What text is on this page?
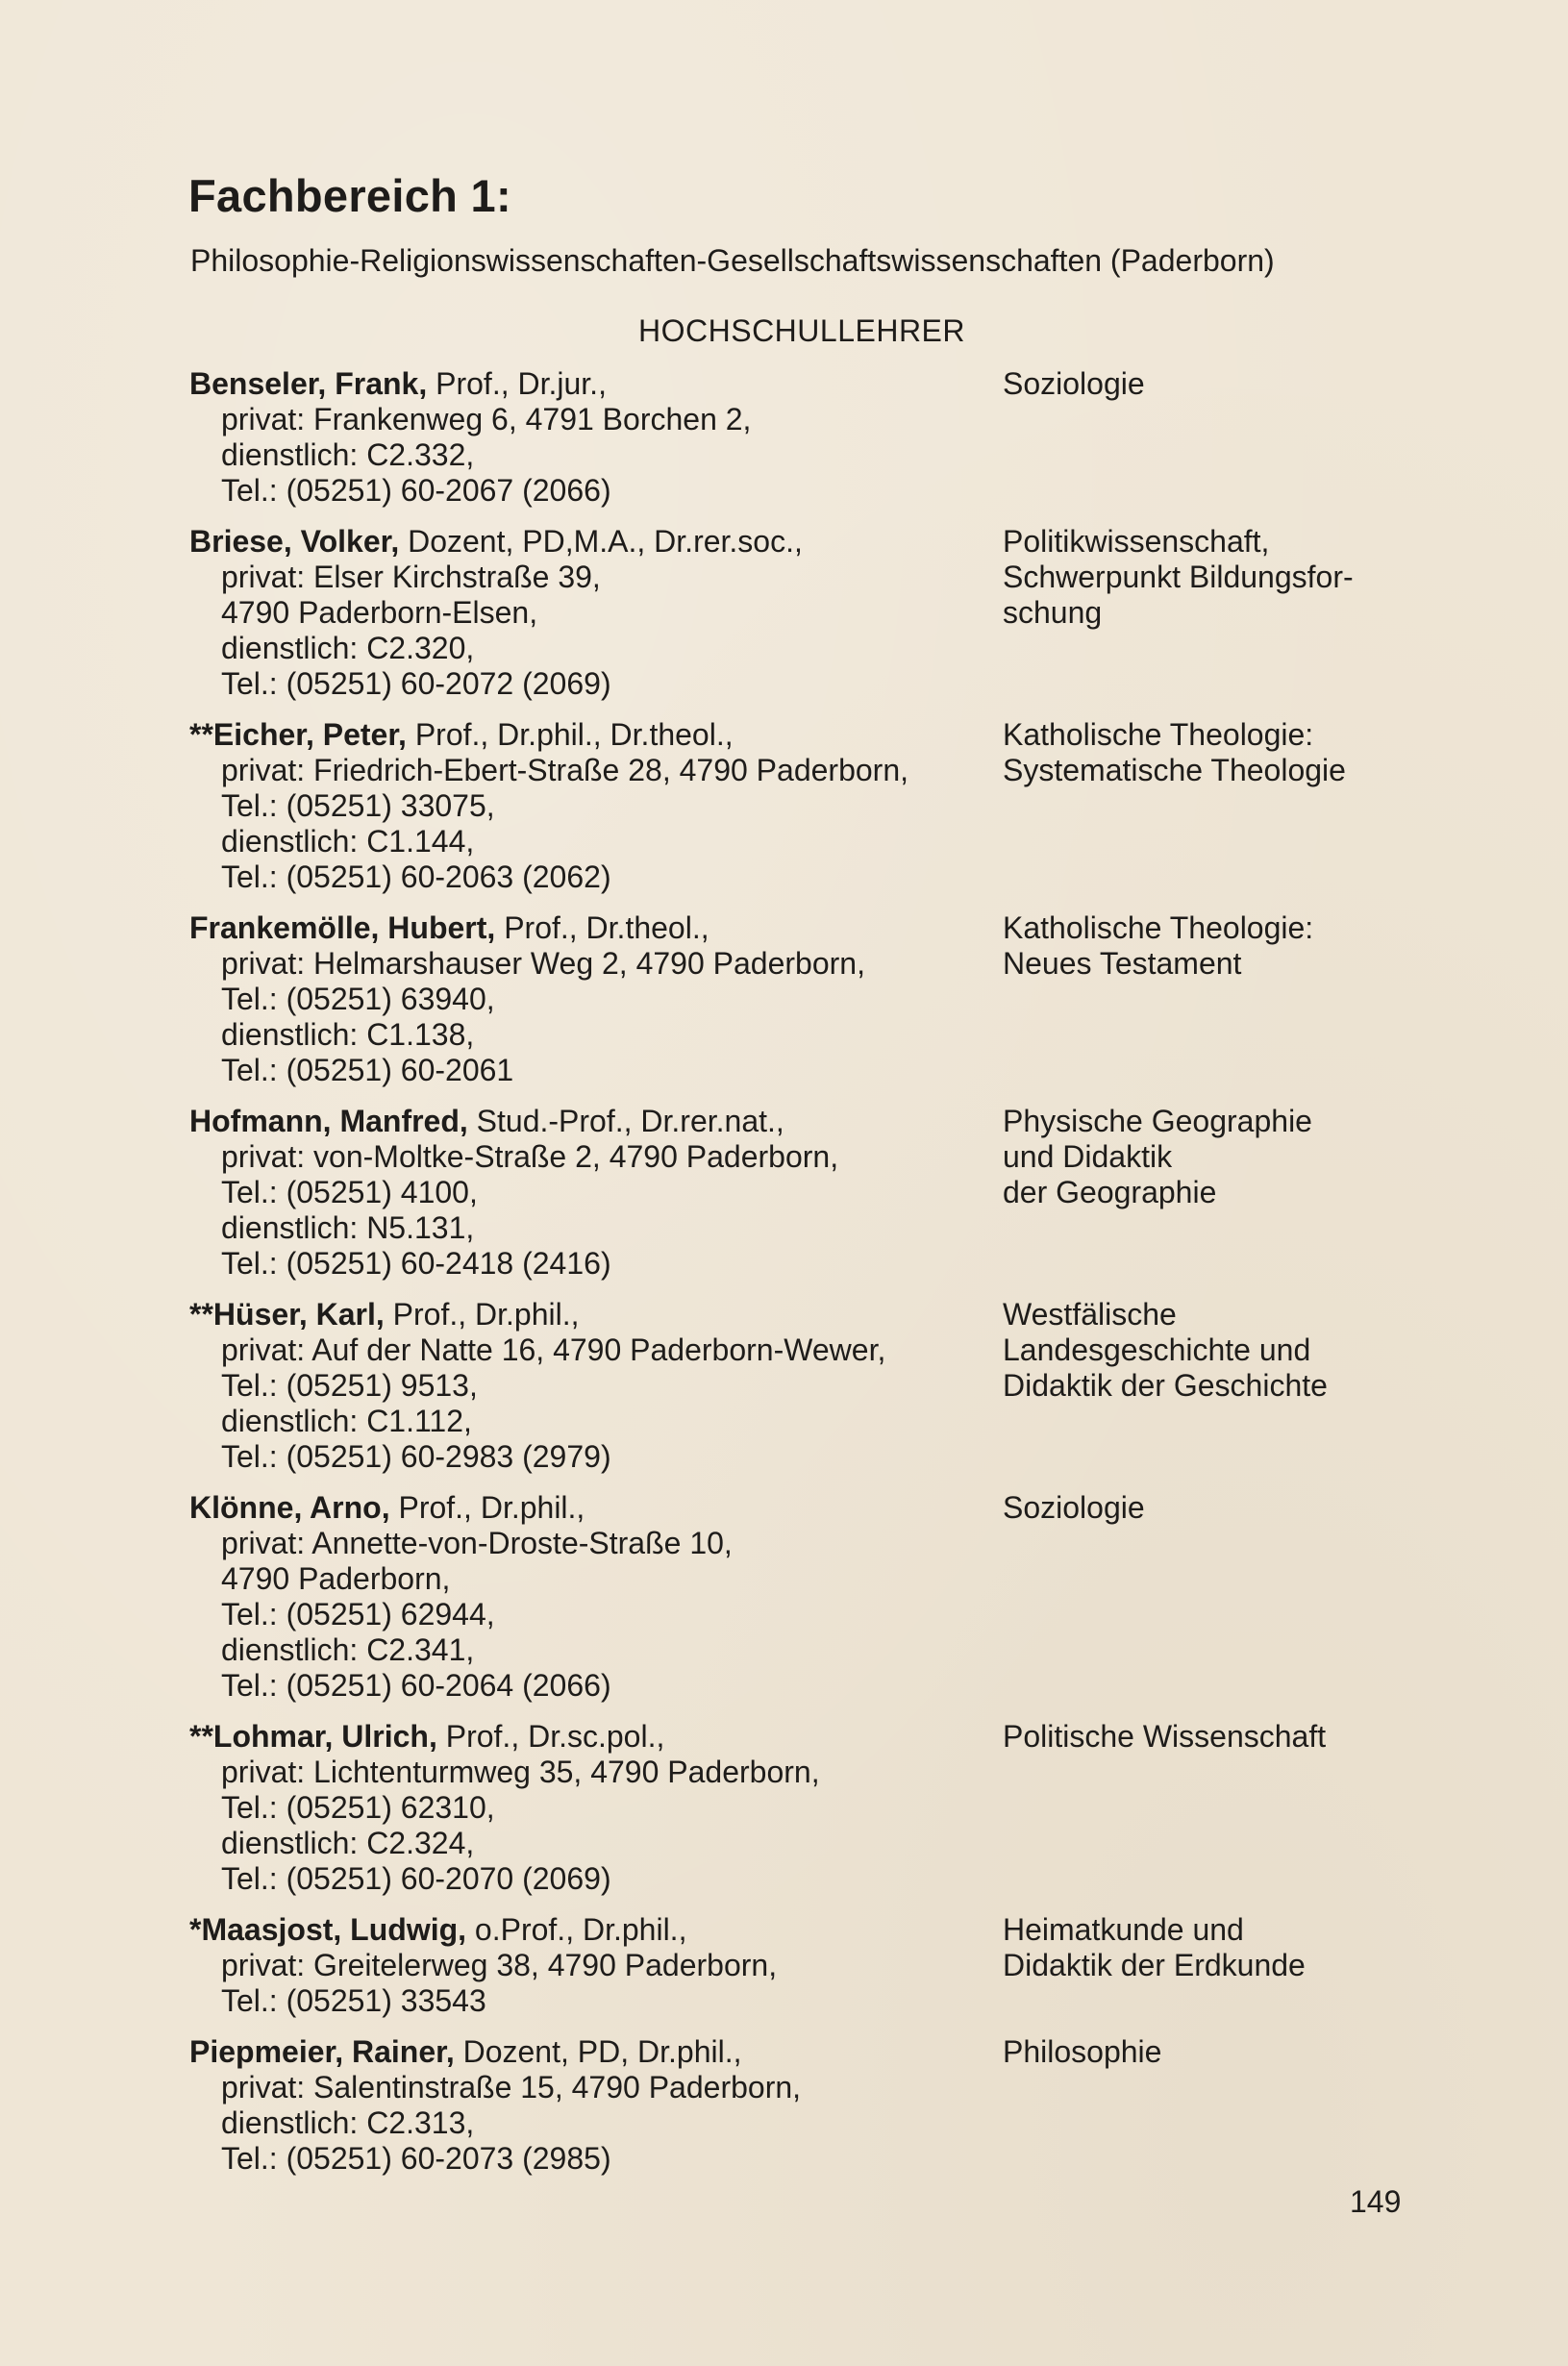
Fachbereich 1:
Philosophie-Religionswissenschaften-Gesellschaftswissenschaften (Paderborn)
HOCHSCHULLEHRER
Benseler, Frank, Prof., Dr.jur.,
privat: Frankenweg 6, 4791 Borchen 2,
dienstlich: C2.332,
Tel.: (05251) 60-2067 (2066)
Soziologie
Briese, Volker, Dozent, PD,M.A., Dr.rer.soc.,
privat: Elser Kirchstraße 39,
4790 Paderborn-Elsen,
dienstlich: C2.320,
Tel.: (05251) 60-2072 (2069)
Politikwissenschaft,
Schwerpunkt Bildungsfor-
schung
**Eicher, Peter, Prof., Dr.phil., Dr.theol.,
privat: Friedrich-Ebert-Straße 28, 4790 Paderborn,
Tel.: (05251) 33075,
dienstlich: C1.144,
Tel.: (05251) 60-2063 (2062)
Katholische Theologie:
Systematische Theologie
Frankemölle, Hubert, Prof., Dr.theol.,
privat: Helmarshauser Weg 2, 4790 Paderborn,
Tel.: (05251) 63940,
dienstlich: C1.138,
Tel.: (05251) 60-2061
Katholische Theologie:
Neues Testament
Hofmann, Manfred, Stud.-Prof., Dr.rer.nat.,
privat: von-Moltke-Straße 2, 4790 Paderborn,
Tel.: (05251) 4100,
dienstlich: N5.131,
Tel.: (05251) 60-2418 (2416)
Physische Geographie
und Didaktik
der Geographie
**Hüser, Karl, Prof., Dr.phil.,
privat: Auf der Natte 16, 4790 Paderborn-Wewer,
Tel.: (05251) 9513,
dienstlich: C1.112,
Tel.: (05251) 60-2983 (2979)
Westfälische
Landesgeschichte und
Didaktik der Geschichte
Klönne, Arno, Prof., Dr.phil.,
privat: Annette-von-Droste-Straße 10,
4790 Paderborn,
Tel.: (05251) 62944,
dienstlich: C2.341,
Tel.: (05251) 60-2064 (2066)
Soziologie
**Lohmar, Ulrich, Prof., Dr.sc.pol.,
privat: Lichtenturmweg 35, 4790 Paderborn,
Tel.: (05251) 62310,
dienstlich: C2.324,
Tel.: (05251) 60-2070 (2069)
Politische Wissenschaft
*Maasjost, Ludwig, o.Prof., Dr.phil.,
privat: Greitelerweg 38, 4790 Paderborn,
Tel.: (05251) 33543
Heimatkunde und
Didaktik der Erdkunde
Piepmeier, Rainer, Dozent, PD, Dr.phil.,
privat: Salentinstraße 15, 4790 Paderborn,
dienstlich: C2.313,
Tel.: (05251) 60-2073 (2985)
Philosophie
149
